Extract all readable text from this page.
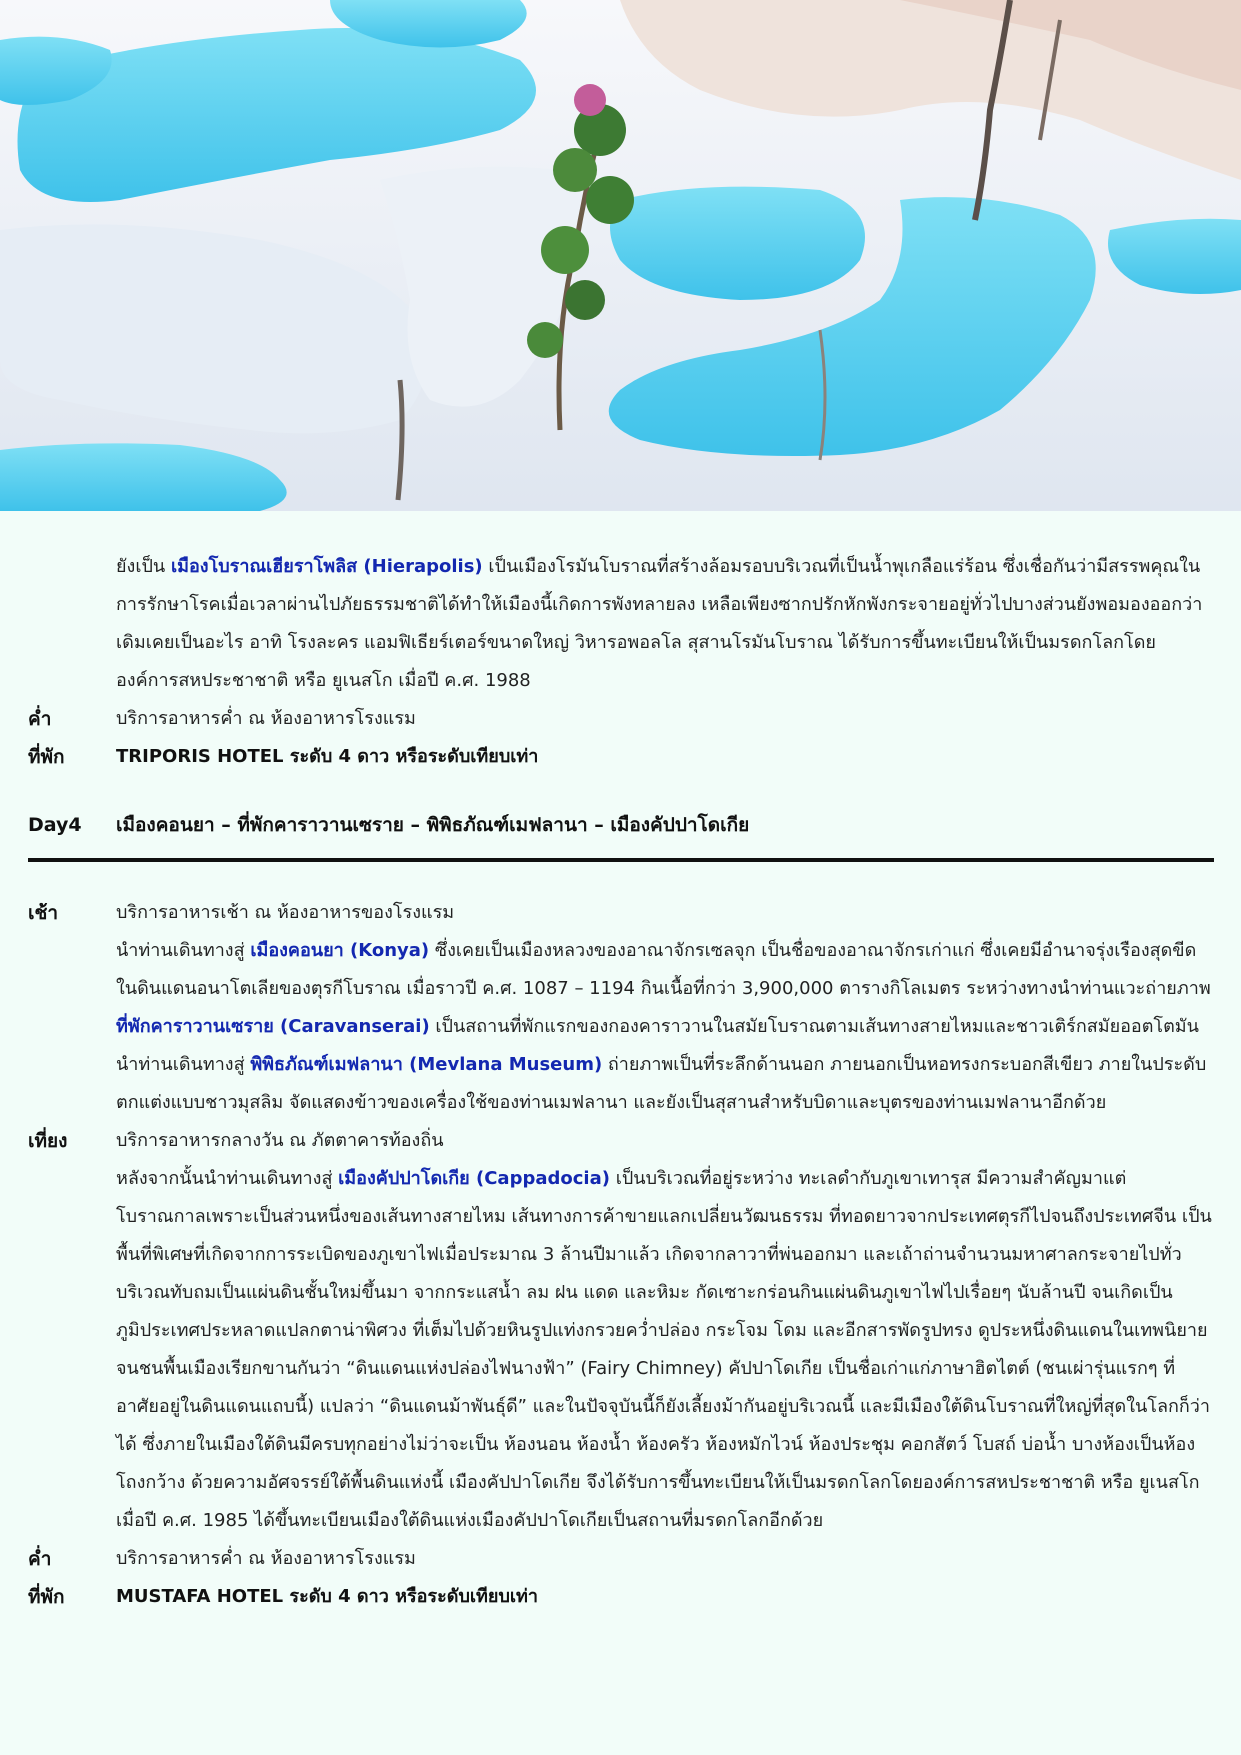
ยังเป็น เมืองโบราณเฮียราโพลิส (Hierapolis) เป็นเมืองโรมันโบราณที่สร้างล้อมรอบบริเวณที่เป็นน้ำพุเกลือแร่ร้อน ซึ่งเชื่อกันว่ามีสรรพคุณในการรักษาโรคเมื่อเวลาผ่านไปภัยธรรมชาติได้ทำให้เมืองนี้เกิดการพังทลายลง เหลือเพียงซากปรักหักพังกระจายอยู่ทั่วไปบางส่วนยังพอมองออกว่าเดิมเคยเป็นอะไร อาทิ โรงละคร แอมฟิเธียร์เตอร์ขนาดใหญ่ วิหารอพอลโล สุสานโรมันโบราณ ได้รับการขึ้นทะเบียนให้เป็นมรดกโลกโดยองค์การสหประชาชาติ หรือ ยูเนสโก เมื่อปี ค.ศ. 1988
ค่ำ	บริการอาหารค่ำ ณ ห้องอาหารโรงแรม
ที่พัก	TRIPORIS HOTEL ระดับ 4 ดาว หรือระดับเทียบเท่า
Day4	เมืองคอนยา – ที่พักคาราวานเซราย – พิพิธภัณฑ์เมฟลานา – เมืองคัปปาโดเกีย
เช้า	บริการอาหารเช้า ณ ห้องอาหารของโรงแรม
นำท่านเดินทางสู่ เมืองคอนยา (Konya) ซึ่งเคยเป็นเมืองหลวงของอาณาจักรเซลจุก เป็นชื่อของอาณาจักรเก่าแก่ ซึ่งเคยมีอำนาจรุ่งเรืองสุดขีดในดินแดนอนาโตเลียของตุรกีโบราณ เมื่อราวปี ค.ศ. 1087 – 1194 กินเนื้อที่กว่า 3,900,000 ตารางกิโลเมตร ระหว่างทางนำท่านแวะถ่ายภาพ ที่พักคาราวานเซราย (Caravanserai) เป็นสถานที่พักแรกของกองคาราวานในสมัยโบราณตามเส้นทางสายไหมและชาวเติร์กสมัยออตโตมัน
นำท่านเดินทางสู่ พิพิธภัณฑ์เมฟลานา (Mevlana Museum) ถ่ายภาพเป็นที่ระลึกด้านนอก ภายนอกเป็นหอทรงกระบอกสีเขียว ภายในประดับตกแต่งแบบชาวมุสลิม จัดแสดงข้าวของเครื่องใช้ของท่านเมฟลานา และยังเป็นสุสานสำหรับบิดาและบุตรของท่านเมฟลานาอีกด้วย
เที่ยง	บริการอาหารกลางวัน ณ ภัตตาคารท้องถิ่น
หลังจากนั้นนำท่านเดินทางสู่ เมืองคัปปาโดเกีย (Cappadocia) เป็นบริเวณที่อยู่ระหว่าง ทะเลดำกับภูเขาเทารุส มีความสำคัญมาแต่โบราณกาลเพราะเป็นส่วนหนึ่งของเส้นทางสายไหม เส้นทางการค้าขายแลกเปลี่ยนวัฒนธรรม ที่ทอดยาวจากประเทศตุรกีไปจนถึงประเทศจีน เป็นพื้นที่พิเศษที่เกิดจากการระเบิดของภูเขาไฟเมื่อประมาณ 3 ล้านปีมาแล้ว เกิดจากลาวาที่พ่นออกมา และเถ้าถ่านจำนวนมหาศาลกระจายไปทั่วบริเวณทับถมเป็นแผ่นดินชั้นใหม่ขึ้นมา จากกระแสน้ำ ลม ฝน แดด และหิมะ กัดเซาะกร่อนกินแผ่นดินภูเขาไฟไปเรื่อยๆ นับล้านปี จนเกิดเป็นภูมิประเทศประหลาดแปลกตาน่าพิศวง ที่เต็มไปด้วยหินรูปแท่งกรวยคว่ำปล่อง กระโจม โดม และอีกสารพัดรูปทรง ดูประหนึ่งดินแดนในเทพนิยาย จนชนพื้นเมืองเรียกขานกันว่า “ดินแดนแห่งปล่องไฟนางฟ้า” (Fairy Chimney) คัปปาโดเกีย เป็นชื่อเก่าแก่ภาษาฮิตไตต์ (ชนเผ่ารุ่นแรกๆ ที่อาศัยอยู่ในดินแดนแถบนี้) แปลว่า “ดินแดนม้าพันธุ์ดี” และในปัจจุบันนี้ก็ยังเลี้ยงม้ากันอยู่บริเวณนี้ และมีเมืองใต้ดินโบราณที่ใหญ่ที่สุดในโลกก็ว่าได้ ซึ่งภายในเมืองใต้ดินมีครบทุกอย่างไม่ว่าจะเป็น ห้องนอน ห้องน้ำ ห้องครัว ห้องหมักไวน์ ห้องประชุม คอกสัตว์ โบสถ์ บ่อน้ำ บางห้องเป็นห้องโถงกว้าง ด้วยความอัศจรรย์ใต้พื้นดินแห่งนี้ เมืองคัปปาโดเกีย จึงได้รับการขึ้นทะเบียนให้เป็นมรดกโลกโดยองค์การสหประชาชาติ หรือ ยูเนสโก เมื่อปี ค.ศ. 1985 ได้ขึ้นทะเบียนเมืองใต้ดินแห่งเมืองคัปปาโดเกียเป็นสถานที่มรดกโลกอีกด้วย
ค่ำ	บริการอาหารค่ำ ณ ห้องอาหารโรงแรม
ที่พัก	MUSTAFA HOTEL ระดับ 4 ดาว หรือระดับเทียบเท่า
